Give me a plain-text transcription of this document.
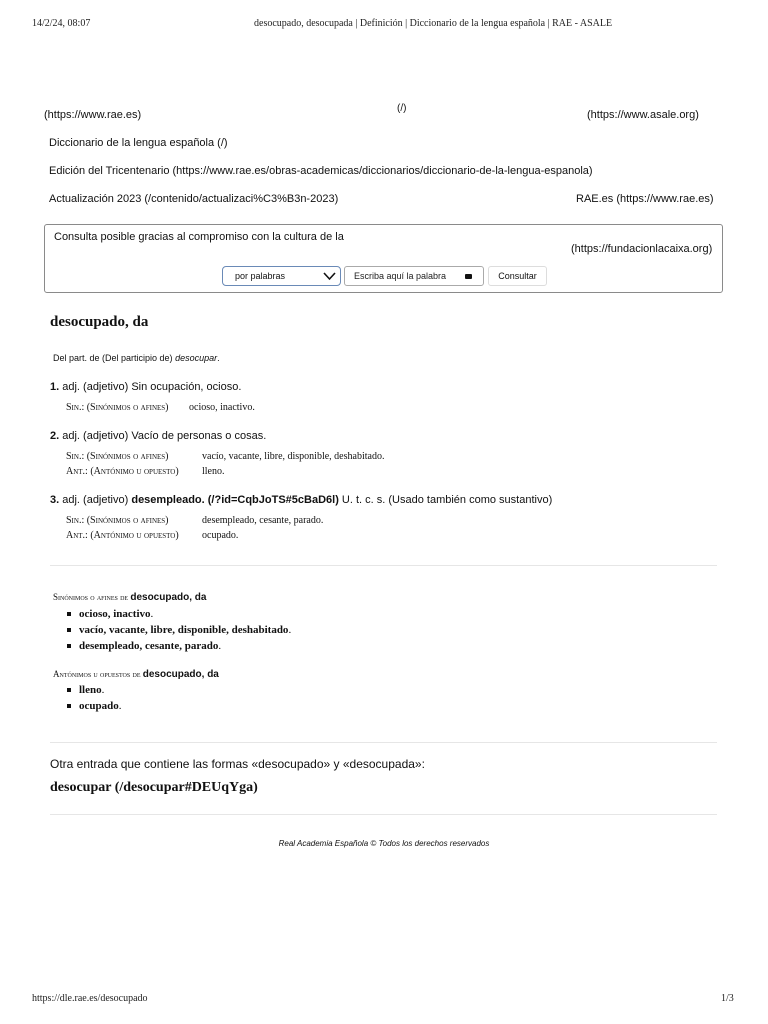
14/2/24, 08:07	desocupado, desocupada | Definición | Diccionario de la lengua española | RAE - ASALE
(https://www.rae.es)
(/)
(https://www.asale.org)
Diccionario de la lengua española (/)
Edición del Tricentenario (https://www.rae.es/obras-academicas/diccionarios/diccionario-de-la-lengua-espanola)
Actualización 2023 (/contenido/actualizaci%C3%B3n-2023)	RAE.es (https://www.rae.es)
Consulta posible gracias al compromiso con la cultura de la
(https://fundacionlacaixa.org)
por palabras	Escriba aquí la palabra	Consultar
desocupado, da
Del part. de (Del participio de) desocupar.
1. adj. (adjetivo) Sin ocupación, ocioso.
Sin.: (Sinónimos o afines) ocioso, inactivo.
2. adj. (adjetivo) Vacío de personas o cosas.
Sin.: (Sinónimos o afines)	vacío, vacante, libre, disponible, deshabitado.
Ant.: (Antónimo u opuesto) lleno.
3. adj. (adjetivo) desempleado. (/?id=CqbJoTS#5cBaD6l) U. t. c. s. (Usado también como sustantivo)
Sin.: (Sinónimos o afines)	desempleado, cesante, parado.
Ant.: (Antónimo u opuesto) ocupado.
Sinónimos o afines de desocupado, da
ocioso, inactivo.
vacío, vacante, libre, disponible, deshabitado.
desempleado, cesante, parado.
Antónimos u opuestos de desocupado, da
lleno.
ocupado.
Otra entrada que contiene las formas «desocupado» y «desocupada»:
desocupar (/desocupar#DEUqYga)
Real Academia Española © Todos los derechos reservados
https://dle.rae.es/desocupado	1/3
